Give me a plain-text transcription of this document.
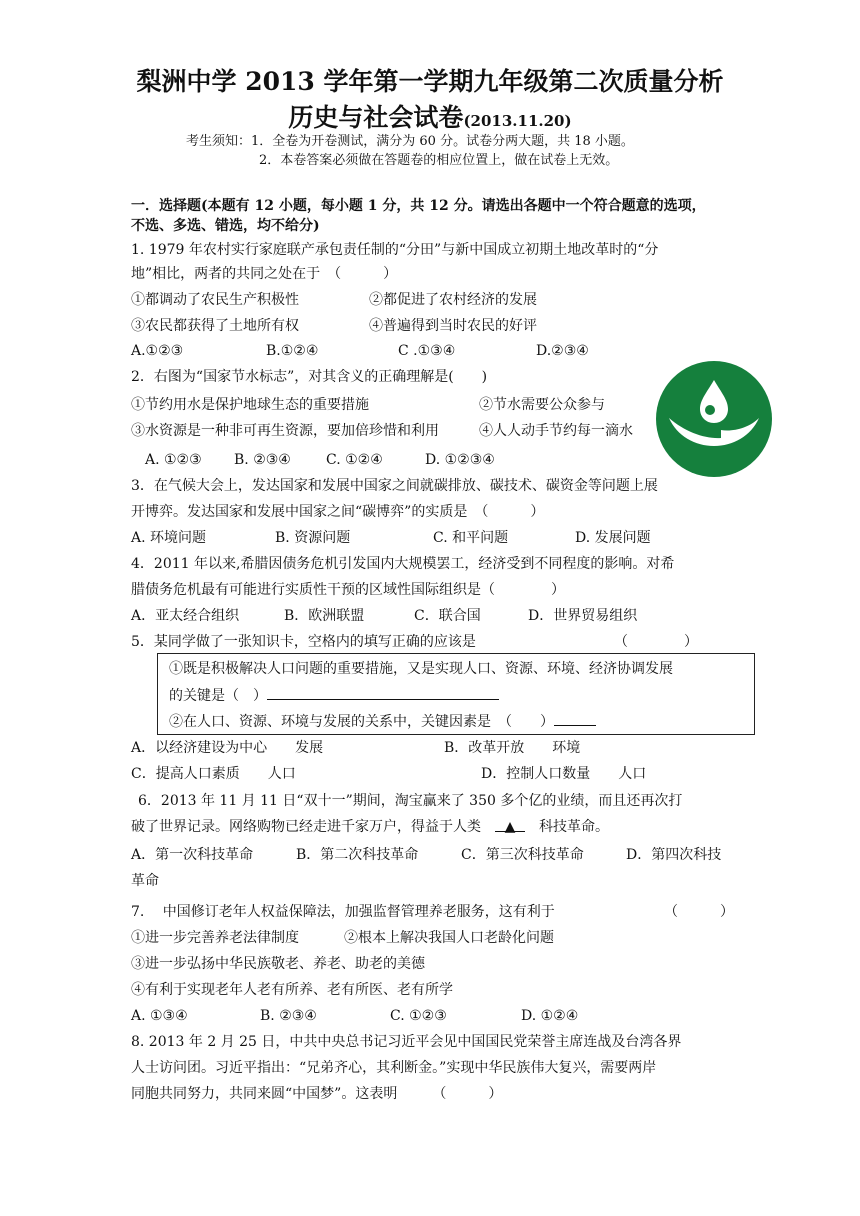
梨洲中学 2013 学年第一学期九年级第二次质量分析
历史与社会试卷(2013.11.20)
考生须知：1．全卷为开卷测试，满分为 60 分。试卷分两大题，共 18 小题。
2．本卷答案必须做在答题卷的相应位置上，做在试卷上无效。
一．选择题(本题有 12 小题，每小题 1 分，共 12 分。请选出各题中一个符合题意的选项，
不选、多选、错选，均不给分)
1. 1979 年农村实行家庭联产承包责任制的“分田”与新中国成立初期土地改革时的“分
地”相比，两者的共同之处在于　（　　　）
①都调动了农民生产积极性	②都促进了农村经济的发展
③农民都获得了土地所有权	④普遍得到当时农民的好评
A.①②③	B.①②④	C .①③④	D.②③④
2．右图为“国家节水标志”，对其含义的正确理解是(　　)
①节约用水是保护地球生态的重要措施	②节水需要公众参与
③水资源是一种非可再生资源，要加倍珍惜和利用	④人人动手节约每一滴水
A. ①②③ B. ②③④	C. ①②④	D. ①②③④
3．在气候大会上，发达国家和发展中国家之间就碳排放、碳技术、碳资金等问题上展
开博弈。发达国家和发展中国家之间“碳博弈”的实质是　（　　　）
A. 环境问题	B. 资源问题	C. 和平问题	D. 发展问题
4．2011 年以来,希腊因债务危机引发国内大规模罢工，经济受到不同程度的影响。对希
腊债务危机最有可能进行实质性干预的区域性国际组织是（　　　　）
A．亚太经合组织	B．欧洲联盟	C．联合国	D．世界贸易组织
5．某同学做了一张知识卡，空格内的填写正确的应该是	（　　　　）
①既是积极解决人口问题的重要措施，又是实现人口、资源、环境、经济协调发展
的关键是（　）
②在人口、资源、环境与发展的关系中，关键因素是　（　　）
A．以经济建设为中心　　发展	B．改革开放　　环境
C．提高人口素质　　人口	D．控制人口数量　　人口
6．2013 年 11 月 11 日“双十一”期间，淘宝赢来了 350 多个亿的业绩，而且还再次打
破了世界记录。网络购物已经走进千家万户，得益于人类　 ▲　 科技革命。
A．第一次科技革命	B．第二次科技革命	C．第三次科技革命	D．第四次科技
革命
7.　 中国修订老年人权益保障法，加强监督管理养老服务，这有利于	（　　　）
①进一步完善养老法律制度	②根本上解决我国人口老龄化问题
③进一步弘扬中华民族敬老、养老、助老的美德
④有利于实现老年人老有所养、老有所医、老有所学
A. ①③④	B. ②③④	C. ①②③	D. ①②④
8. 2013 年 2 月 25 日，中共中央总书记习近平会见中国国民党荣誉主席连战及台湾各界
人士访问团。习近平指出：“兄弟齐心，其利断金。”实现中华民族伟大复兴，需要两岸
同胞共同努力，共同来圆“中国梦”。这表明　　　（　　　）
